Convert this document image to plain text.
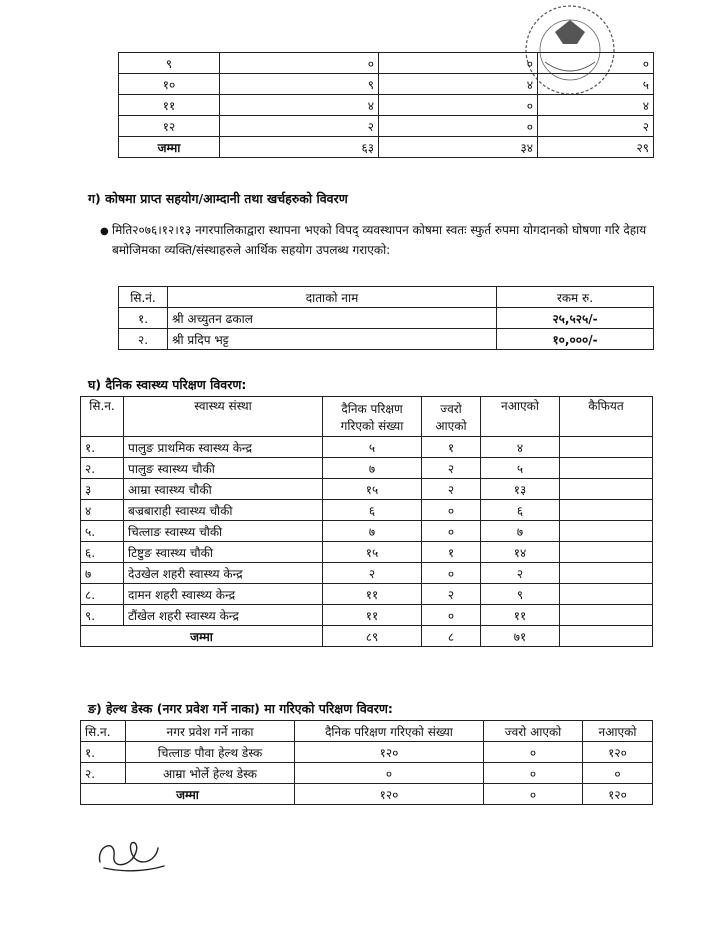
९	०	०	०
१०	९	४	५
११	४	०	४
१२	२	०	२
जम्मा	६३	३४	२९
ग) कोषमा प्राप्त सहयोग/आम्दानी तथा खर्चहरुको विवरण
● मिति२०७६।१२।१३ नगरपालिकाद्वारा स्थापना भएको विपद् व्यवस्थापन कोषमा स्वतः स्फुर्त रुपमा योगदानको घोषणा गरि देहाय बमोजिमका व्यक्ति/संस्थाहरुले आर्थिक सहयोग उपलब्ध गराएको:
सि.नं.	दाताको नाम	रकम रु.
१.	श्री अच्युतन ढकाल	२५,५२५/-
२.	श्री प्रदिप भट्ट	१०,०००/-
घ) दैनिक स्वास्थ्य परिक्षण विवरण:
सि.न.	स्वास्थ्य संस्था	दैनिक परिक्षण गरिएको संख्या	ज्वरो आएको	नआएको	कैफियत
१.	पालुङ प्राथमिक स्वास्थ्य केन्द्र	५	१	४	
२.	पालुङ स्वास्थ्य चौकी	७	२	५	
३	आम्रा स्वास्थ्य चौकी	१५	२	१३	
४	बज्रबाराही स्वास्थ्य चौकी	६	०	६	
५.	चित्लाङ स्वास्थ्य चौकी	७	०	७	
६.	टिष्टुङ स्वास्थ्य चौकी	१५	१	१४	
७	देउखेल शहरी स्वास्थ्य केन्द्र	२	०	२	
८.	दामन शहरी स्वास्थ्य केन्द्र	११	२	९	
९.	टौंखेल शहरी स्वास्थ्य केन्द्र	११	०	११	
जम्मा		८९	८	७१	
ङ) हेल्थ डेस्क (नगर प्रवेश गर्ने नाका) मा गरिएको परिक्षण विवरण:
सि.न.	नगर प्रवेश गर्ने नाका	दैनिक परिक्षण गरिएको संख्या	ज्वरो आएको	नआएको
१.	चित्लाङ पौवा हेल्थ डेस्क	१२०	०	१२०
२.	आम्रा भोर्ले हेल्थ डेस्क	०	०	०
जम्मा		१२०	०	१२०
